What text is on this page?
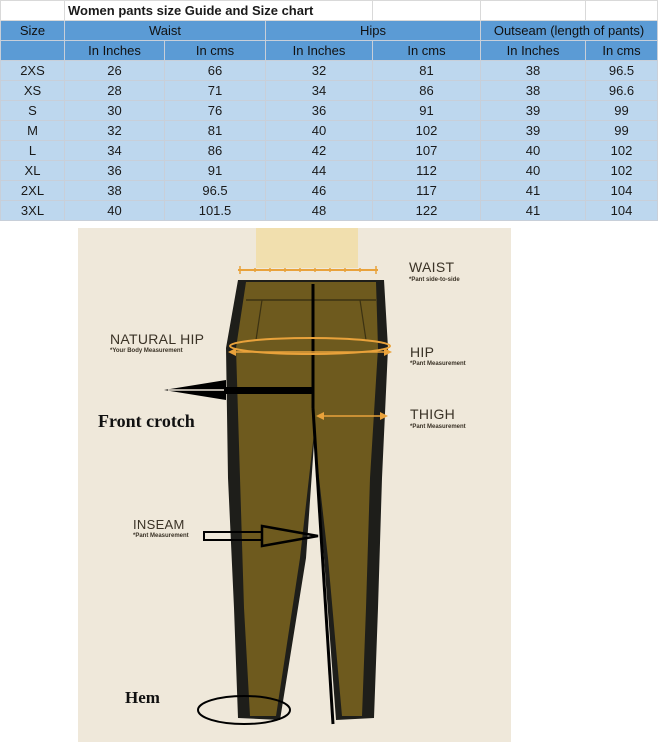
	Women pants size Guide and Size chart					
Size	Waist		Hips		Outseam (length of pants)	
	In Inches	In cms	In Inches	In cms	In Inches	In cms
2XS	26	66	32	81	38	96.5
XS	28	71	34	86	38	96.6
S	30	76	36	91	39	99
M	32	81	40	102	39	99
L	34	86	42	107	40	102
XL	36	91	44	112	40	102
2XL	38	96.5	46	117	41	104
3XL	40	101.5	48	122	41	104
WAIST
*Pant side-to-side
NATURAL HIP
*Your Body Measurement	HIP
*Pant Measurement
THIGH
*Pant Measurement
Front crotch
INSEAM
*Pant Measurement
Hem
